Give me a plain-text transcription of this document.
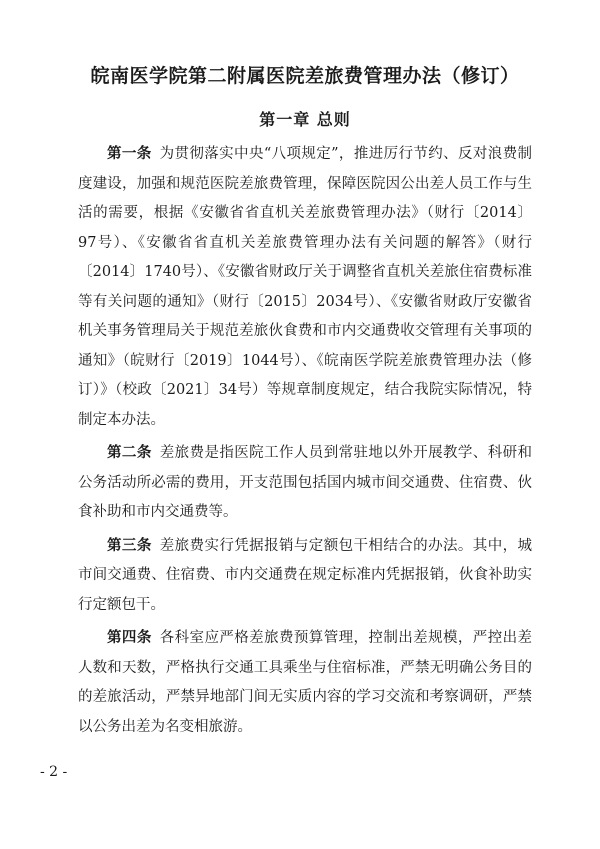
皖南医学院第二附属医院差旅费管理办法（修订）
第一章 总则

第一条 为贯彻落实中央“八项规定”，推进厉行节约、反对浪费制度建设，加强和规范医院差旅费管理，保障医院因公出差人员工作与生活的需要，根据《安徽省省直机关差旅费管理办法》（财行〔2014〕97号）、《安徽省省直机关差旅费管理办法有关问题的解答》（财行〔2014〕1740号）、《安徽省财政厅关于调整省直机关差旅住宿费标准等有关问题的通知》（财行〔2015〕2034号）、《安徽省财政厅安徽省机关事务管理局关于规范差旅伙食费和市内交通费收交管理有关事项的通知》（皖财行〔2019〕1044号）、《皖南医学院差旅费管理办法（修订）》（校政〔2021〕34号）等规章制度规定，结合我院实际情况，特制定本办法。

第二条 差旅费是指医院工作人员到常驻地以外开展教学、科研和公务活动所必需的费用，开支范围包括国内城市间交通费、住宿费、伙食补助和市内交通费等。

第三条 差旅费实行凭据报销与定额包干相结合的办法。其中，城市间交通费、住宿费、市内交通费在规定标准内凭据报销，伙食补助实行定额包干。

第四条 各科室应严格差旅费预算管理，控制出差规模，严控出差人数和天数，严格执行交通工具乘坐与住宿标准，严禁无明确公务目的的差旅活动，严禁异地部门间无实质内容的学习交流和考察调研，严禁以公务出差为名变相旅游。

- 2 -
